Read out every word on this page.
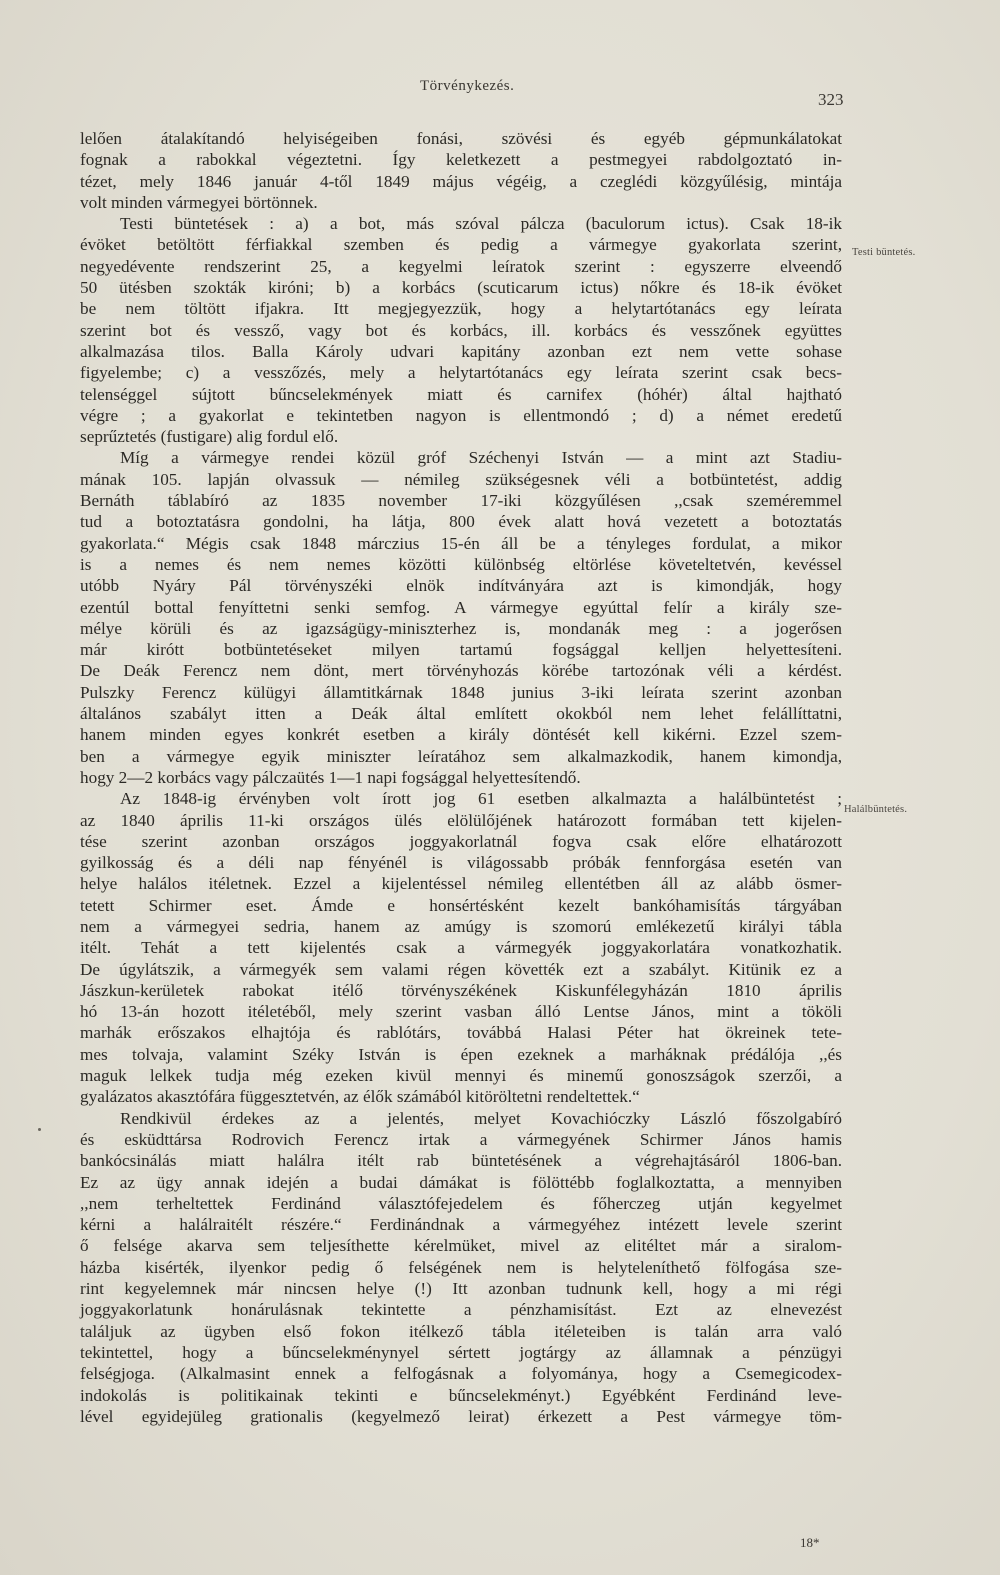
Törvénykezés.
323
Testi büntetés.
Halálbüntetés.
lelően átalakítandó helyiségeiben fonási, szövési és egyéb gépmunkálatokat
fognak a rabokkal végeztetni. Így keletkezett a pestmegyei rabdolgoztató in-
tézet, mely 1846 január 4-től 1849 május végéig, a czeglédi közgyűlésig, mintája
volt minden vármegyei börtönnek.
Testi büntetések : a) a bot, más szóval pálcza (baculorum ictus). Csak 18-ik
évöket betöltött férfiakkal szemben és pedig a vármegye gyakorlata szerint,
negyedévente rendszerint 25, a kegyelmi leíratok szerint : egyszerre elveendő
50 ütésben szokták kiróni; b) a korbács (scuticarum ictus) nőkre és 18-ik évöket
be nem töltött ifjakra. Itt megjegyezzük, hogy a helytartótanács egy leírata
szerint bot és vessző, vagy bot és korbács, ill. korbács és vesszőnek együttes
alkalmazása tilos. Balla Károly udvari kapitány azonban ezt nem vette sohase
figyelembe; c) a vesszőzés, mely a helytartótanács egy leírata szerint csak becs-
telenséggel sújtott bűncselekmények miatt és carnifex (hóhér) által hajtható
végre ; a gyakorlat e tekintetben nagyon is ellentmondó ; d) a német eredetű
seprűztetés (fustigare) alig fordul elő.
Míg a vármegye rendei közül gróf Széchenyi István — a mint azt Stadiu-
mának 105. lapján olvassuk — némileg szükségesnek véli a botbüntetést, addig
Bernáth táblabíró az 1835 november 17-iki közgyűlésen ,,csak szeméremmel
tud a botoztatásra gondolni, ha látja, 800 évek alatt hová vezetett a botoztatás
gyakorlata.“ Mégis csak 1848 márczius 15-én áll be a tényleges fordulat, a mikor
is a nemes és nem nemes közötti különbség eltörlése követeltetvén, kevéssel
utóbb Nyáry Pál törvényszéki elnök indítványára azt is kimondják, hogy
ezentúl bottal fenyíttetni senki semfog. A vármegye egyúttal felír a király sze-
mélye körüli és az igazságügy-miniszterhez is, mondanák meg : a jogerősen
már kirótt botbüntetéseket milyen tartamú fogsággal kelljen helyettesíteni.
De Deák Ferencz nem dönt, mert törvényhozás körébe tartozónak véli a kérdést.
Pulszky Ferencz külügyi államtitkárnak 1848 junius 3-iki leírata szerint azonban
általános szabályt itten a Deák által említett okokból nem lehet felállíttatni,
hanem minden egyes konkrét esetben a király döntését kell kikérni. Ezzel szem-
ben a vármegye egyik miniszter leíratához sem alkalmazkodik, hanem kimondja,
hogy 2—2 korbács vagy pálczaütés 1—1 napi fogsággal helyettesítendő.
Az 1848-ig érvényben volt írott jog 61 esetben alkalmazta a halálbüntetést ;
az 1840 április 11-ki országos ülés elölülőjének határozott formában tett kijelen-
tése szerint azonban országos joggyakorlatnál fogva csak előre elhatározott
gyilkosság és a déli nap fényénél is világossabb próbák fennforgása esetén van
helye halálos itéletnek. Ezzel a kijelentéssel némileg ellentétben áll az alább ösmer-
tetett Schirmer eset. Ámde e honsértésként kezelt bankóhamisítás tárgyában
nem a vármegyei sedria, hanem az amúgy is szomorú emlékezetű királyi tábla
itélt. Tehát a tett kijelentés csak a vármegyék joggyakorlatára vonatkozhatik.
De úgylátszik, a vármegyék sem valami régen követték ezt a szabályt. Kitünik ez a
Jászkun-kerületek rabokat itélő törvényszékének Kiskunfélegyházán 1810 április
hó 13-án hozott itéletéből, mely szerint vasban álló Lentse János, mint a tököli
marhák erőszakos elhajtója és rablótárs, továbbá Halasi Péter hat ökreinek tete-
mes tolvaja, valamint Széky István is épen ezeknek a marháknak prédálója ,,és
maguk lelkek tudja még ezeken kivül mennyi és minemű gonoszságok szerzői, a
gyalázatos akasztófára függesztetvén, az élők számából kitöröltetni rendeltettek.“
Rendkivül érdekes az a jelentés, melyet Kovachióczky László főszolgabíró
és esküdttársa Rodrovich Ferencz irtak a vármegyének Schirmer János hamis
bankócsinálás miatt halálra itélt rab büntetésének a végrehajtásáról 1806-ban.
Ez az ügy annak idején a budai dámákat is fölöttébb foglalkoztatta, a mennyiben
,,nem terheltettek Ferdinánd választófejedelem és főherczeg utján kegyelmet
kérni a halálraitélt részére.“ Ferdinándnak a vármegyéhez intézett levele szerint
ő felsége akarva sem teljesíthette kérelmüket, mivel az elitéltet már a siralom-
házba kisérték, ilyenkor pedig ő felségének nem is helyteleníthető fölfogása sze-
rint kegyelemnek már nincsen helye (!) Itt azonban tudnunk kell, hogy a mi régi
joggyakorlatunk honárulásnak tekintette a pénzhamisítást. Ezt az elnevezést
találjuk az ügyben első fokon itélkező tábla itéleteiben is talán arra való
tekintettel, hogy a bűncselekménynyel sértett jogtárgy az államnak a pénzügyi
felségjoga. (Alkalmasint ennek a felfogásnak a folyománya, hogy a Csemegicodex-
indokolás is politikainak tekinti e bűncselekményt.) Egyébként Ferdinánd leve-
lével egyidejüleg grationalis (kegyelmező leirat) érkezett a Pest vármegye töm-
18*
